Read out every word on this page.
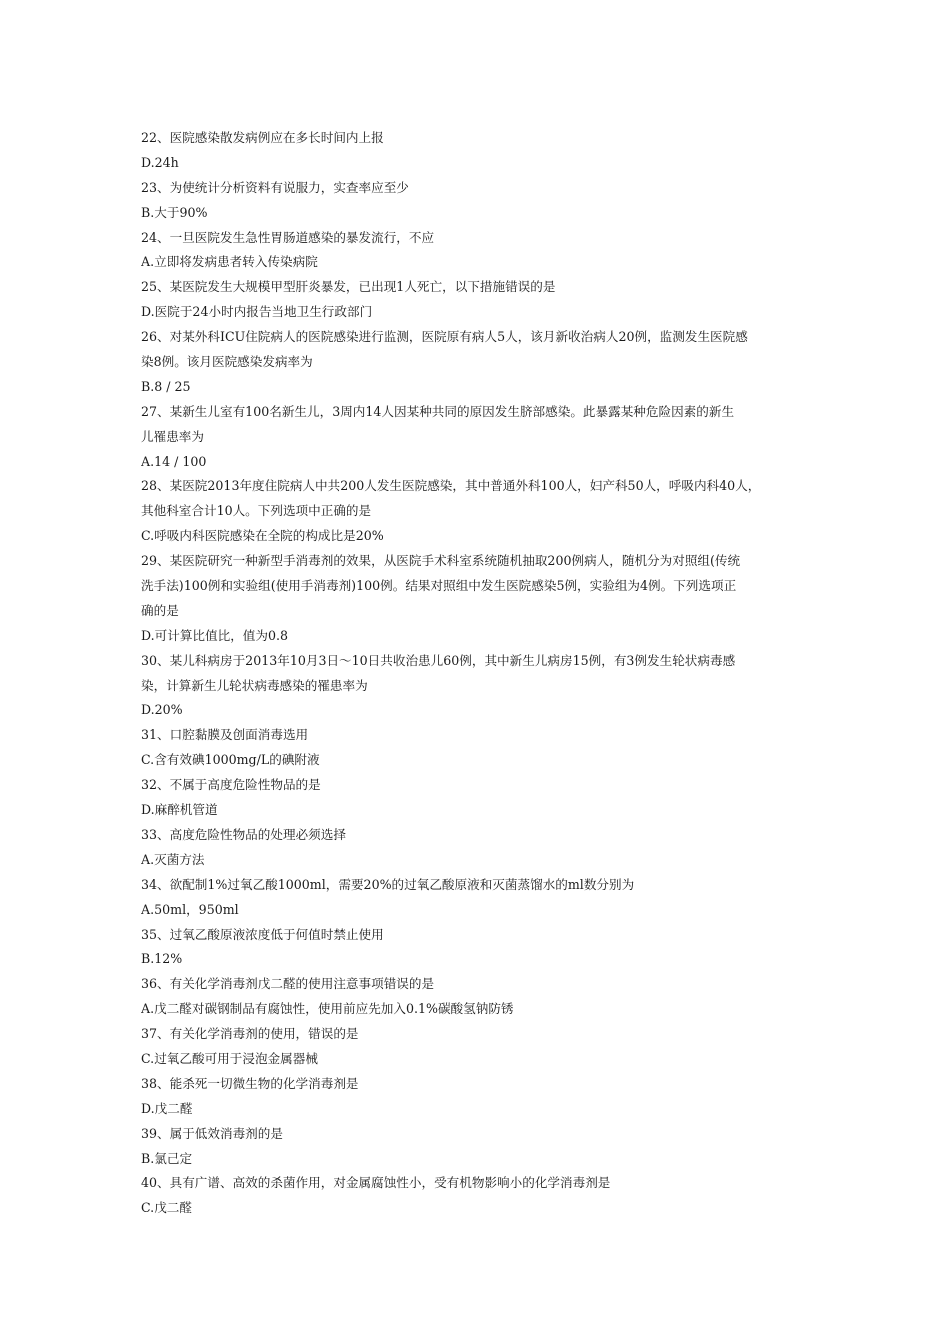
22、医院感染散发病例应在多长时间内上报
D.24h
23、为使统计分析资料有说服力，实查率应至少
B.大于90%
24、一旦医院发生急性胃肠道感染的暴发流行，不应
A.立即将发病患者转入传染病院
25、某医院发生大规模甲型肝炎暴发，已出现1人死亡，以下措施错误的是
D.医院于24小时内报告当地卫生行政部门
26、对某外科ICU住院病人的医院感染进行监测，医院原有病人5人，该月新收治病人20例，监测发生医院感
染8例。该月医院感染发病率为
B.8 / 25
27、某新生儿室有100名新生儿，3周内14人因某种共同的原因发生脐部感染。此暴露某种危险因素的新生
儿罹患率为
A.14 / 100
28、某医院2013年度住院病人中共200人发生医院感染，其中普通外科100人，妇产科50人，呼吸内科40人，
其他科室合计10人。下列选项中正确的是
C.呼吸内科医院感染在全院的构成比是20%
29、某医院研究一种新型手消毒剂的效果，从医院手术科室系统随机抽取200例病人，随机分为对照组(传统
洗手法)100例和实验组(使用手消毒剂)100例。结果对照组中发生医院感染5例，实验组为4例。下列选项正
确的是
D.可计算比值比，值为0.8
30、某儿科病房于2013年10月3日～10日共收治患儿60例，其中新生儿病房15例，有3例发生轮状病毒感
染，计算新生儿轮状病毒感染的罹患率为
D.20%
31、口腔黏膜及创面消毒选用
C.含有效碘1000mg/L的碘附液
32、不属于高度危险性物品的是
D.麻醉机管道
33、高度危险性物品的处理必须选择
A.灭菌方法
34、欲配制1%过氧乙酸1000ml，需要20%的过氧乙酸原液和灭菌蒸馏水的ml数分别为
A.50ml，950ml
35、过氧乙酸原液浓度低于何值时禁止使用
B.12%
36、有关化学消毒剂戊二醛的使用注意事项错误的是
A.戊二醛对碳钢制品有腐蚀性，使用前应先加入0.1%碳酸氢钠防锈
37、有关化学消毒剂的使用，错误的是
C.过氧乙酸可用于浸泡金属器械
38、能杀死一切微生物的化学消毒剂是
D.戊二醛
39、属于低效消毒剂的是
B.氯己定
40、具有广谱、高效的杀菌作用，对金属腐蚀性小，受有机物影响小的化学消毒剂是
C.戊二醛
